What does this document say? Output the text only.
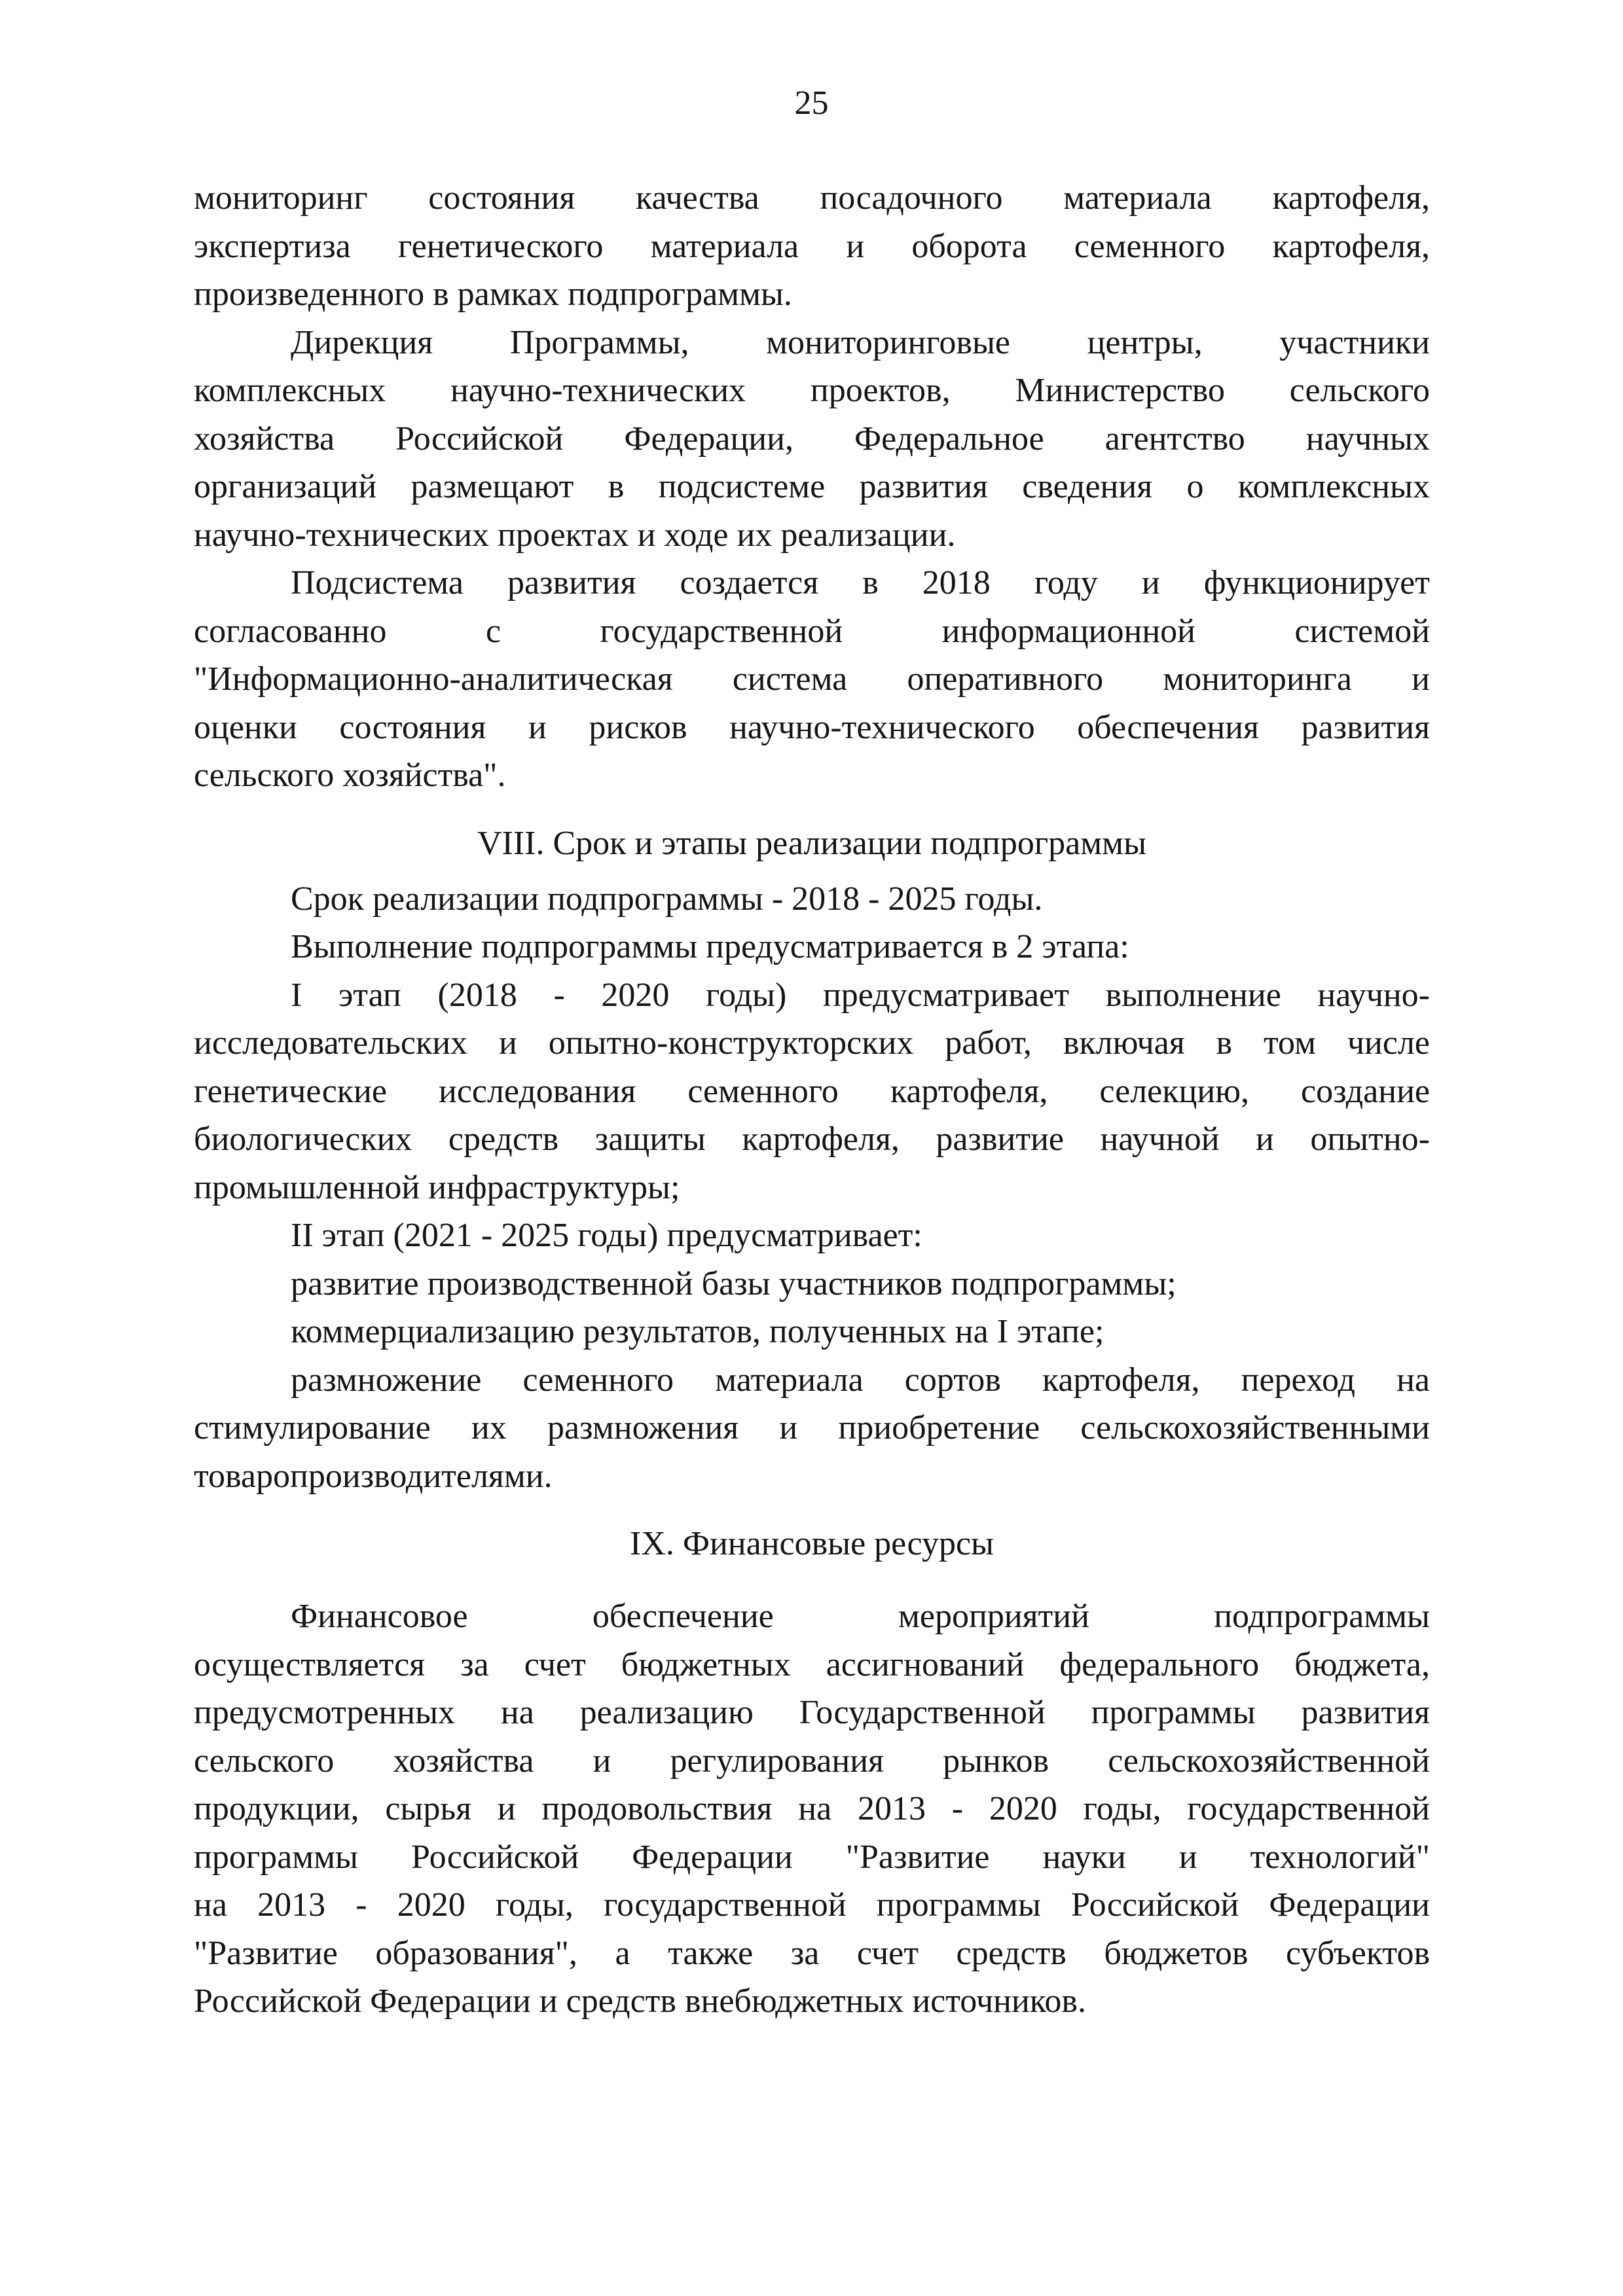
25
мониторинг состояния качества посадочного материала картофеля,
экспертиза генетического материала и оборота семенного картофеля,
произведенного в рамках подпрограммы.
Дирекция Программы, мониторинговые центры, участники
комплексных научно-технических проектов, Министерство сельского
хозяйства Российской Федерации, Федеральное агентство научных
организаций размещают в подсистеме развития сведения о комплексных
научно-технических проектах и ходе их реализации.
Подсистема развития создается в 2018 году и функционирует
согласованно с государственной информационной системой
"Информационно-аналитическая система оперативного мониторинга и
оценки состояния и рисков научно-технического обеспечения развития
сельского хозяйства".
VIII. Срок и этапы реализации подпрограммы
Срок реализации подпрограммы - 2018 - 2025 годы.
Выполнение подпрограммы предусматривается в 2 этапа:
I этап (2018 - 2020 годы) предусматривает выполнение научно-
исследовательских и опытно-конструкторских работ, включая в том числе
генетические исследования семенного картофеля, селекцию, создание
биологических средств защиты картофеля, развитие научной и опытно-
промышленной инфраструктуры;
II этап (2021 - 2025 годы) предусматривает:
развитие производственной базы участников подпрограммы;
коммерциализацию результатов, полученных на I этапе;
размножение семенного материала сортов картофеля, переход на
стимулирование их размножения и приобретение сельскохозяйственными
товаропроизводителями.
IX. Финансовые ресурсы
Финансовое обеспечение мероприятий подпрограммы
осуществляется за счет бюджетных ассигнований федерального бюджета,
предусмотренных на реализацию Государственной программы развития
сельского хозяйства и регулирования рынков сельскохозяйственной
продукции, сырья и продовольствия на 2013 - 2020 годы, государственной
программы Российской Федерации "Развитие науки и технологий"
на 2013 - 2020 годы, государственной программы Российской Федерации
"Развитие образования", а также за счет средств бюджетов субъектов
Российской Федерации и средств внебюджетных источников.
